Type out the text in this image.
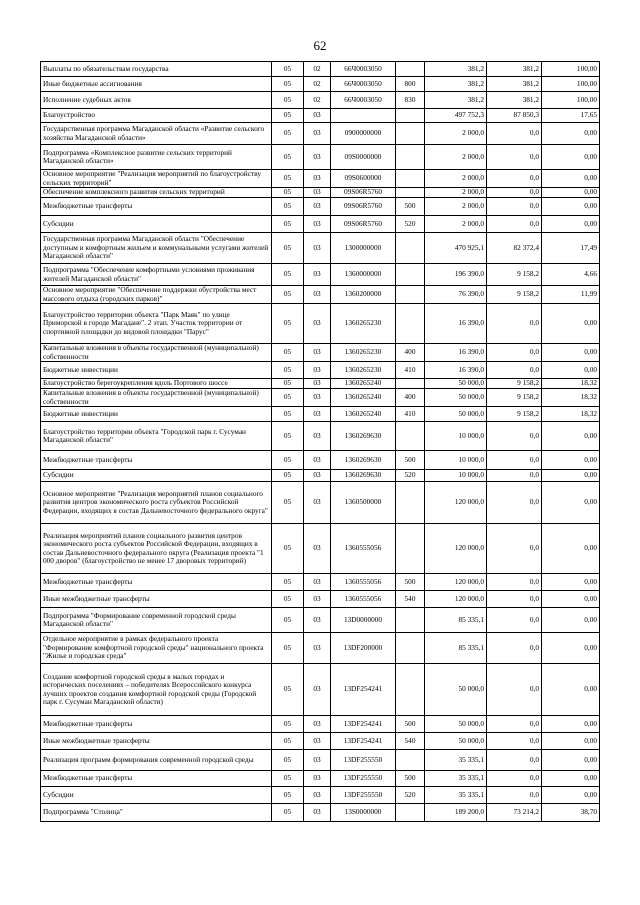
62
Выплаты по обязательствам государства	05	02	66Ч0003050		381,2	381,2	100,00
Иные бюджетные ассигнования	05	02	66Ч0003050	800	381,2	381,2	100,00
Исполнение судебных актов	05	02	66Ч0003050	830	381,2	381,2	100,00
Благоустройство	05	03			497 752,3	87 850,3	17,65
Государственная программа Магаданской области «Развитие сельского хозяйства Магаданской области»	05	03	0900000000		2 000,0	0,0	0,00
Подпрограмма «Комплексное развитие сельских территорий Магаданской области»	05	03	09S0000000		2 000,0	0,0	0,00
Основное мероприятие "Реализация мероприятий по благоустройству сельских территорий"	05	03	09S0600000		2 000,0	0,0	0,00
Обеспечение комплексного развития сельских территорий	05	03	09S06R5760		2 000,0	0,0	0,00
Межбюджетные трансферты	05	03	09S06R5760	500	2 000,0	0,0	0,00
Субсидии	05	03	09S06R5760	520	2 000,0	0,0	0,00
Государственная программа Магаданской области "Обеспечение доступным и комфортным жильем и коммунальными услугами жителей Магаданской области"	05	03	1300000000		470 925,1	82 372,4	17,49
Подпрограмма "Обеспечение комфортными условиями проживания жителей Магаданской области"	05	03	1360000000		196 390,0	9 158,2	4,66
Основное мероприятие "Обеспечение поддержки обустройства мест массового отдыха (городских парков)"	05	03	1360200000		76 390,0	9 158,2	11,99
Благоустройство территории объекта "Парк Маяк" по улице Приморской в городе Магадане". 2 этап. Участок территории от спортивной площадки до видовой площадки "Парус"	05	03	1360265230		16 390,0	0,0	0,00
Капитальные вложения в объекты государственной (муниципальной) собственности	05	03	1360265230	400	16 390,0	0,0	0,00
Бюджетные инвестиции	05	03	1360265230	410	16 390,0	0,0	0,00
Благоустройство берегоукрепления вдоль Портового шоссе	05	03	1360265240		50 000,0	9 158,2	18,32
Капитальные вложения в объекты государственной (муниципальной) собственности	05	03	1360265240	400	50 000,0	9 158,2	18,32
Бюджетные инвестиции	05	03	1360265240	410	50 000,0	9 158,2	18,32
Благоустройство территории объекта "Городской парк г. Сусуман Магаданской области"	05	03	1360269630		10 000,0	0,0	0,00
Межбюджетные трансферты	05	03	1360269630	500	10 000,0	0,0	0,00
Субсидии	05	03	1360269630	520	10 000,0	0,0	0,00
Основное мероприятие "Реализация мероприятий планов социального развития центров экономического роста субъектов Российской Федерации, входящих в состав Дальневосточного федерального округа"	05	03	1360500000		120 000,0	0,0	0,00
Реализация мероприятий планов социального развития центров экономического роста субъектов Российской Федерации, входящих в состав Дальневосточного федерального округа (Реализация проекта "1 000 дворов" (благоустройство не менее 17 дворовых территорий)	05	03	1360555056		120 000,0	0,0	0,00
Межбюджетные трансферты	05	03	1360555056	500	120 000,0	0,0	0,00
Иные межбюджетные трансферты	05	03	1360555056	540	120 000,0	0,0	0,00
Подпрограмма "Формирование современной городской среды Магаданской области"	05	03	13D0000000		85 335,1	0,0	0,00
Отдельное мероприятие в рамках федерального проекта "Формирование комфортной городской среды" национального проекта "Жилье и городская среда"	05	03	13DF200000		85 335,1	0,0	0,00
Создание комфортной городской среды в малых городах и исторических поселениях – победителях Всероссийского конкурса лучших проектов создания комфортной городской среды (Городской парк г. Сусуман Магаданской области)	05	03	13DF254241		50 000,0	0,0	0,00
Межбюджетные трансферты	05	03	13DF254241	500	50 000,0	0,0	0,00
Иные межбюджетные трансферты	05	03	13DF254241	540	50 000,0	0,0	0,00
Реализация программ формирования современной городской среды	05	03	13DF255550		35 335,1	0,0	0,00
Межбюджетные трансферты	05	03	13DF255550	500	35 335,1	0,0	0,00
Субсидии	05	03	13DF255550	520	35 335,1	0,0	0,00
Подпрограмма "Столица"	05	03	13S0000000		189 200,0	73 214,2	38,70
